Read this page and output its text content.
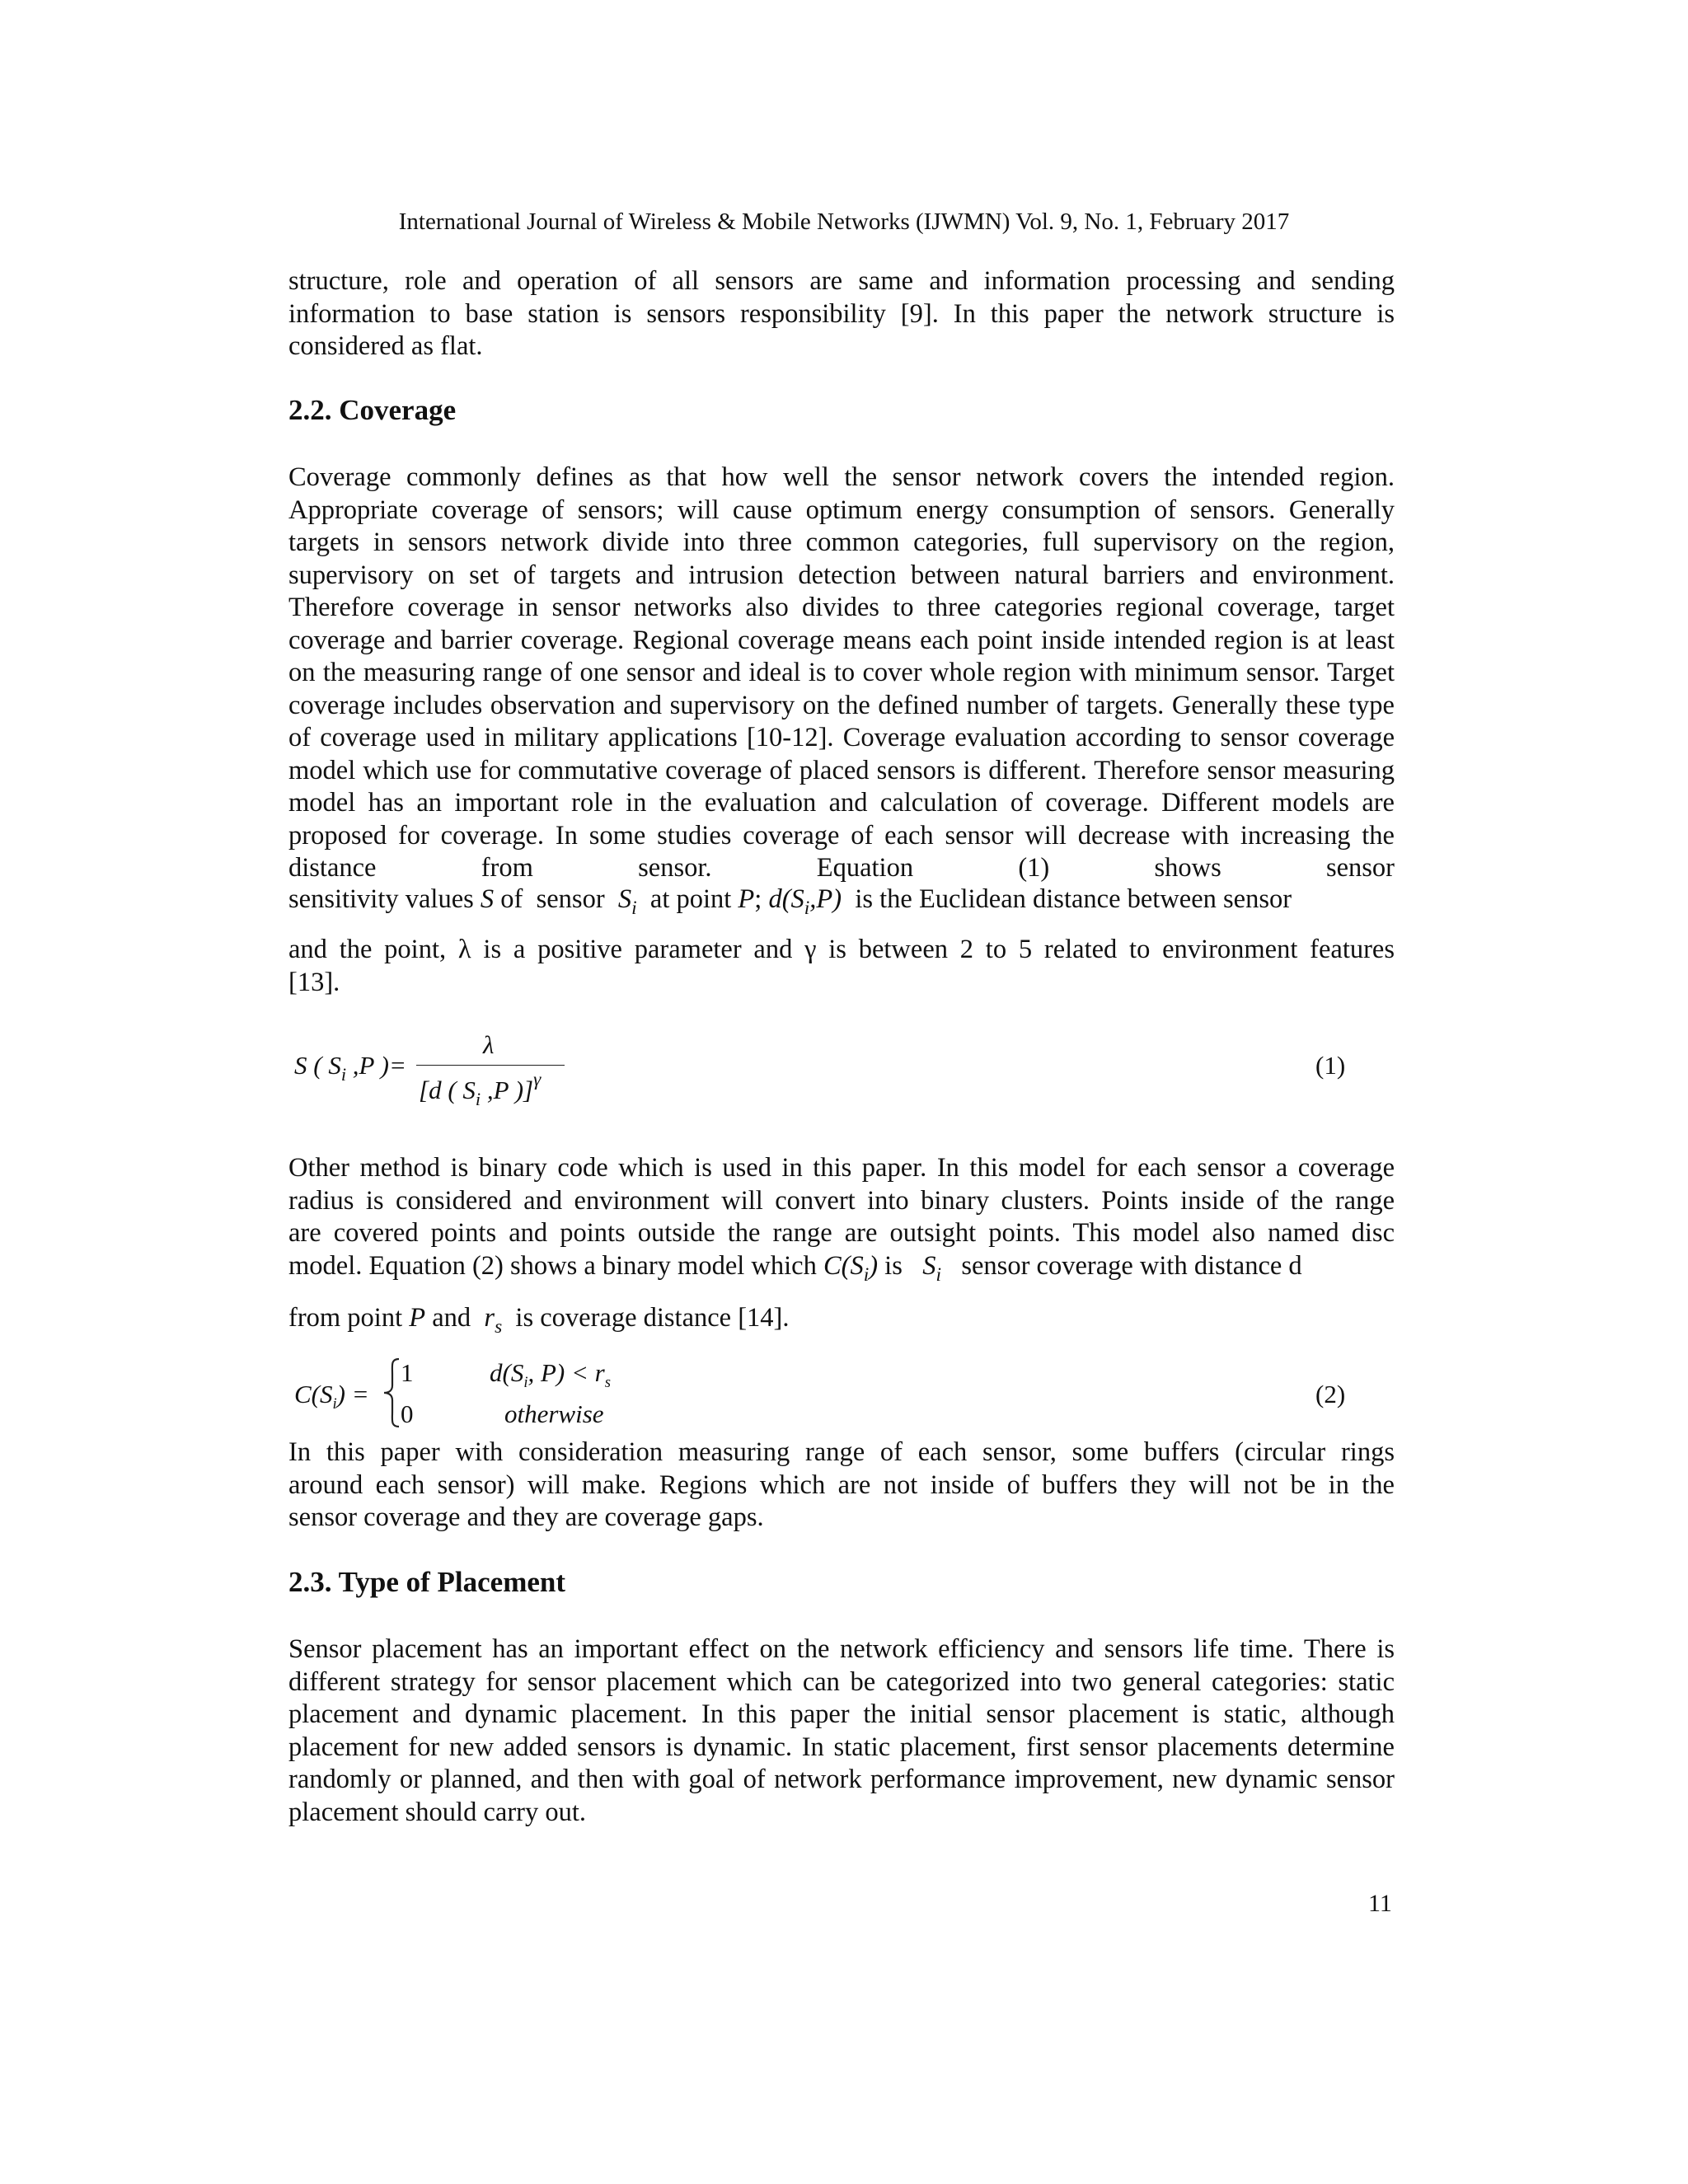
International Journal of Wireless & Mobile Networks (IJWMN) Vol. 9, No. 1, February 2017
structure, role and operation of all sensors are same and information processing and sending
information to base station is sensors responsibility [9]. In this paper the network structure is
considered as flat.
2.2. Coverage

Coverage commonly defines as that how well the sensor network covers the intended region. Appropriate coverage of sensors; will cause optimum energy consumption of sensors. Generally targets in sensors network divide into three common categories, full supervisory on the region, supervisory on set of targets and intrusion detection between natural barriers and environment. Therefore coverage in sensor networks also divides to three categories regional coverage, target coverage and barrier coverage. Regional coverage means each point inside intended region is at least on the measuring range of one sensor and ideal is to cover whole region with minimum sensor. Target coverage includes observation and supervisory on the defined number of targets. Generally these type of coverage used in military applications [10-12]. Coverage evaluation according to sensor coverage model which use for commutative coverage of placed sensors is different. Therefore sensor measuring model has an important role in the evaluation and calculation of coverage. Different models are proposed for coverage. In some studies coverage of each sensor will decrease with increasing the distance from sensor. Equation (1) shows sensor

sensitivity values S of  sensor  $S_i$  at point P; $d(S_i,P)$  is the Euclidean distance between sensor
and the point, λ is a positive parameter and γ is between 2 to 5 related to environment features
[13].
S ( $S_i$ ,P )=
λ
[d ( $S_i$ ,P )]$^\gamma$	(1)
Other method is binary code which is used in this paper. In this model for each sensor a coverage
radius is considered and environment will convert into binary clusters. Points inside of the range
are covered points and points outside the range are outsight points. This model also named disc
model. Equation (2) shows a binary model which $C(S_i)$ is   $S_i$   sensor coverage with distance d
from point P and  $r_s$  is coverage distance [14].
$C(S_i)$ =
1	$d(S_i$, $P) < r_s$
0	otherwise
(2)
In this paper with consideration measuring range of each sensor, some buffers (circular rings
around each sensor) will make. Regions which are not inside of buffers they will not be in the
sensor coverage and they are coverage gaps.
2.3. Type of Placement

Sensor placement has an important effect on the network efficiency and sensors life time. There is different strategy for sensor placement which can be categorized into two general categories: static placement and dynamic placement. In this paper the initial sensor placement is static, although placement for new added sensors is dynamic. In static placement, first sensor placements determine randomly or planned, and then with goal of network performance improvement, new dynamic sensor placement should carry out.

11
